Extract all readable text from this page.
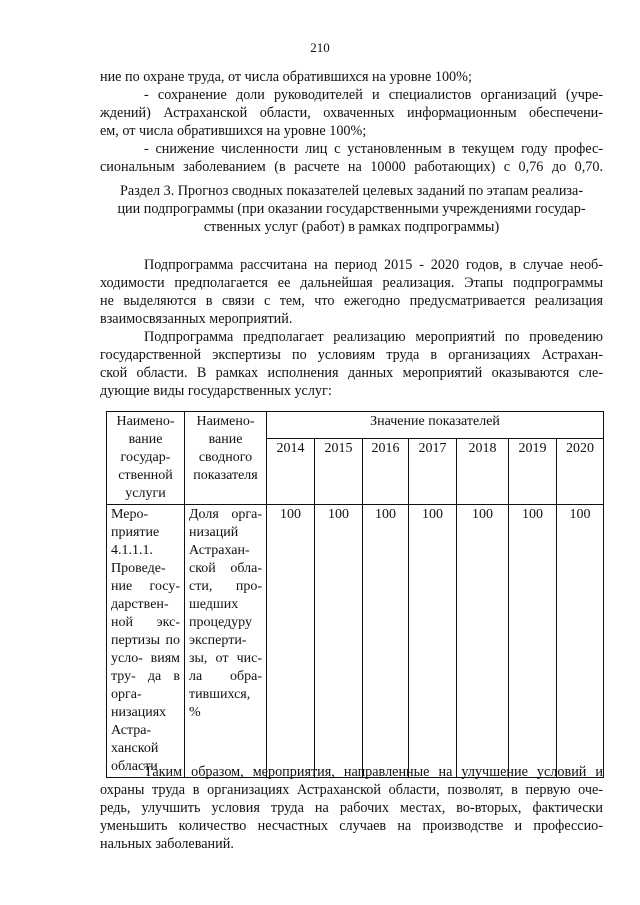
210
ние по охране труда, от числа обратившихся на уровне 100%;
- сохранение доли руководителей и специалистов организаций (учре-
ждений) Астраханской области, охваченных информационным обеспечени-
ем, от числа обратившихся на уровне 100%;
- снижение численности лиц с установленным в текущем году профес-
сиональным заболеванием (в расчете на 10000 работающих) с 0,76 до 0,70.
Раздел 3. Прогноз сводных показателей целевых заданий по этапам реализа-
ции подпрограммы (при оказании государственными учреждениями государ-
ственных услуг (работ) в рамках подпрограммы)
Подпрограмма рассчитана на период 2015 - 2020 годов, в случае необ-
ходимости предполагается ее дальнейшая реализация. Этапы подпрограммы
не выделяются в связи с тем, что ежегодно предусматривается реализация
взаимосвязанных мероприятий.
Подпрограмма предполагает реализацию мероприятий по проведению
государственной экспертизы по условиям труда в организациях Астрахан-
ской области. В рамках исполнения данных мероприятий оказываются сле-
дующие виды государственных услуг:
Наимено- вание государ- ственной услуги	Наимено- вание сводного показателя	Значение показателей						
		2014	2015	2016	2017	2018	2019	2020
Меро- приятие 4.1.1.1. Проведе- ние госу- дарствен- ной экс- пертизы по усло- виям тру- да в орга- низациях Астра- ханской области	Доля орга- низаций Астрахан- ской обла- сти, про- шедших процедуру эксперти- зы, от чис- ла обра- тившихся, %	100	100	100	100	100	100	100
Таким образом, мероприятия, направленные на улучшение условий и
охраны труда в организациях Астраханской области, позволят, в первую оче-
редь, улучшить условия труда на рабочих местах, во-вторых, фактически
уменьшить количество несчастных случаев на производстве и профессио-
нальных заболеваний.
